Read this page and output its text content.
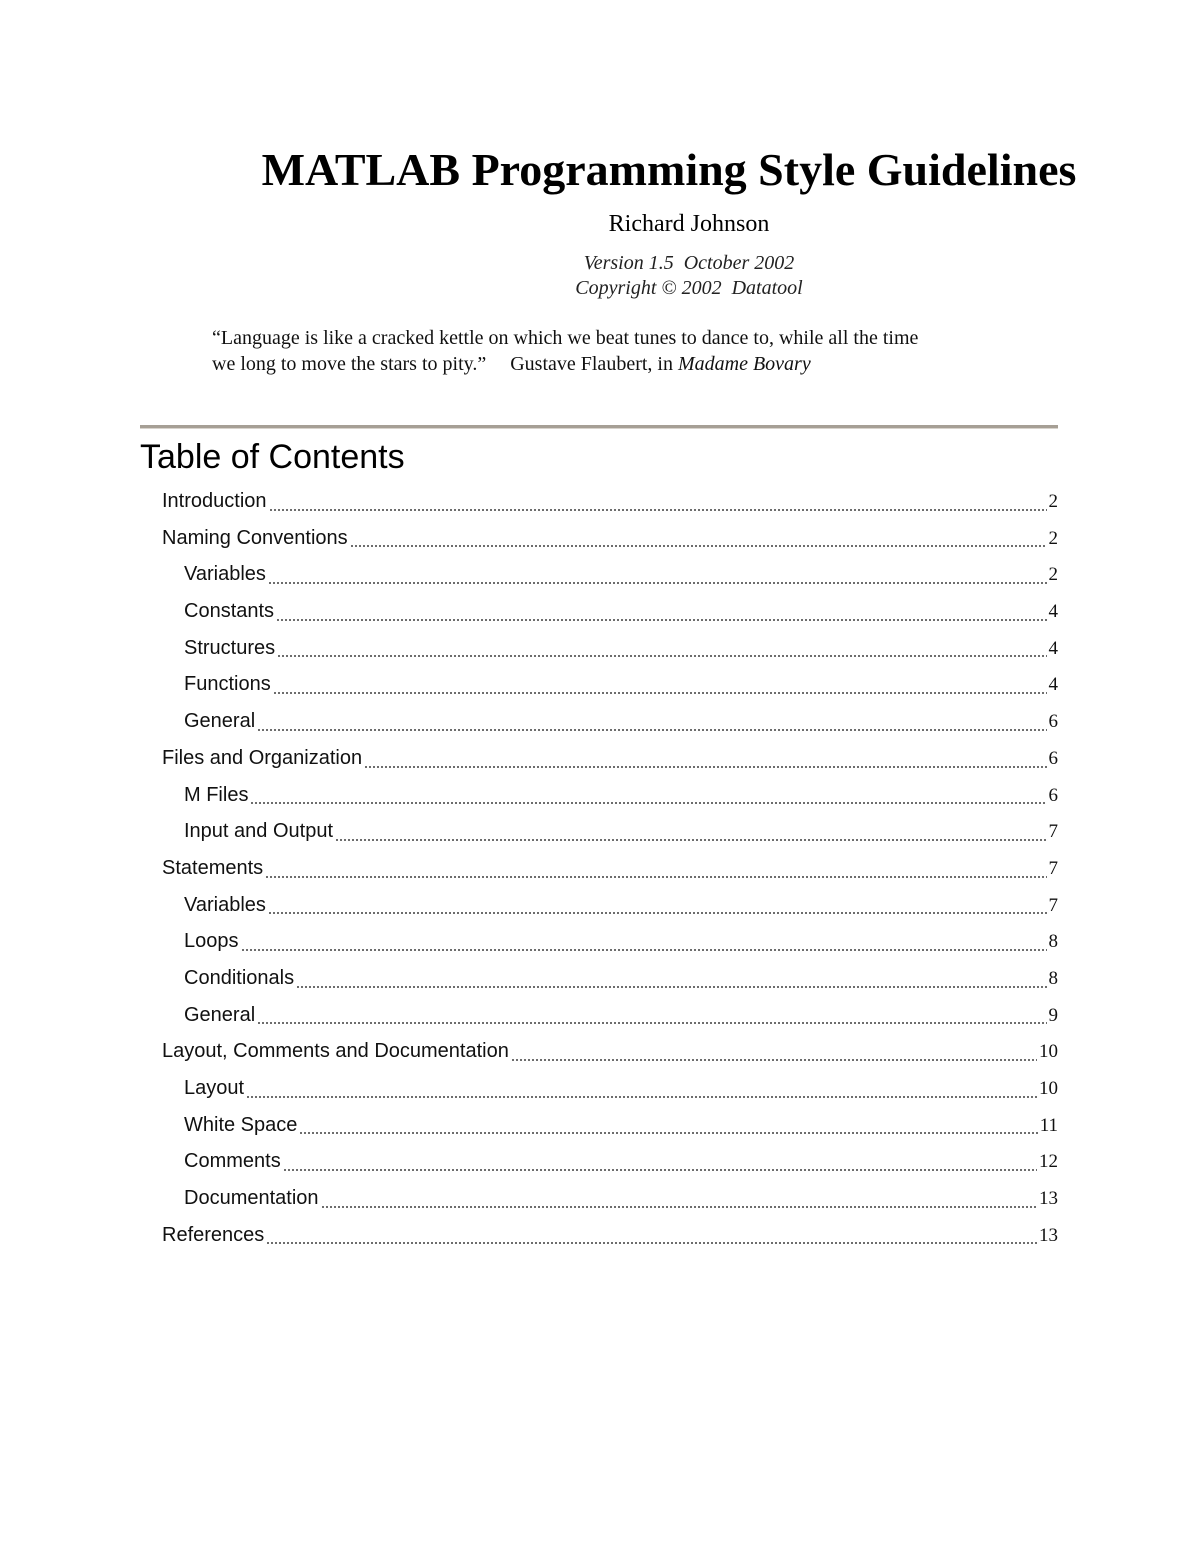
MATLAB Programming Style Guidelines
Richard Johnson
Version 1.5  October 2002
Copyright © 2002  Datatool
“Language is like a cracked kettle on which we beat tunes to dance to, while all the time
we long to move the stars to pity.” Gustave Flaubert, in Madame Bovary
Table of Contents
Introduction	2
Naming Conventions	2
Variables	2
Constants	4
Structures	4
Functions	4
General	6
Files and Organization	6
M Files	6
Input and Output	7
Statements	7
Variables	7
Loops	8
Conditionals	8
General	9
Layout, Comments and Documentation	10
Layout	10
White Space	11
Comments	12
Documentation	13
References	13
